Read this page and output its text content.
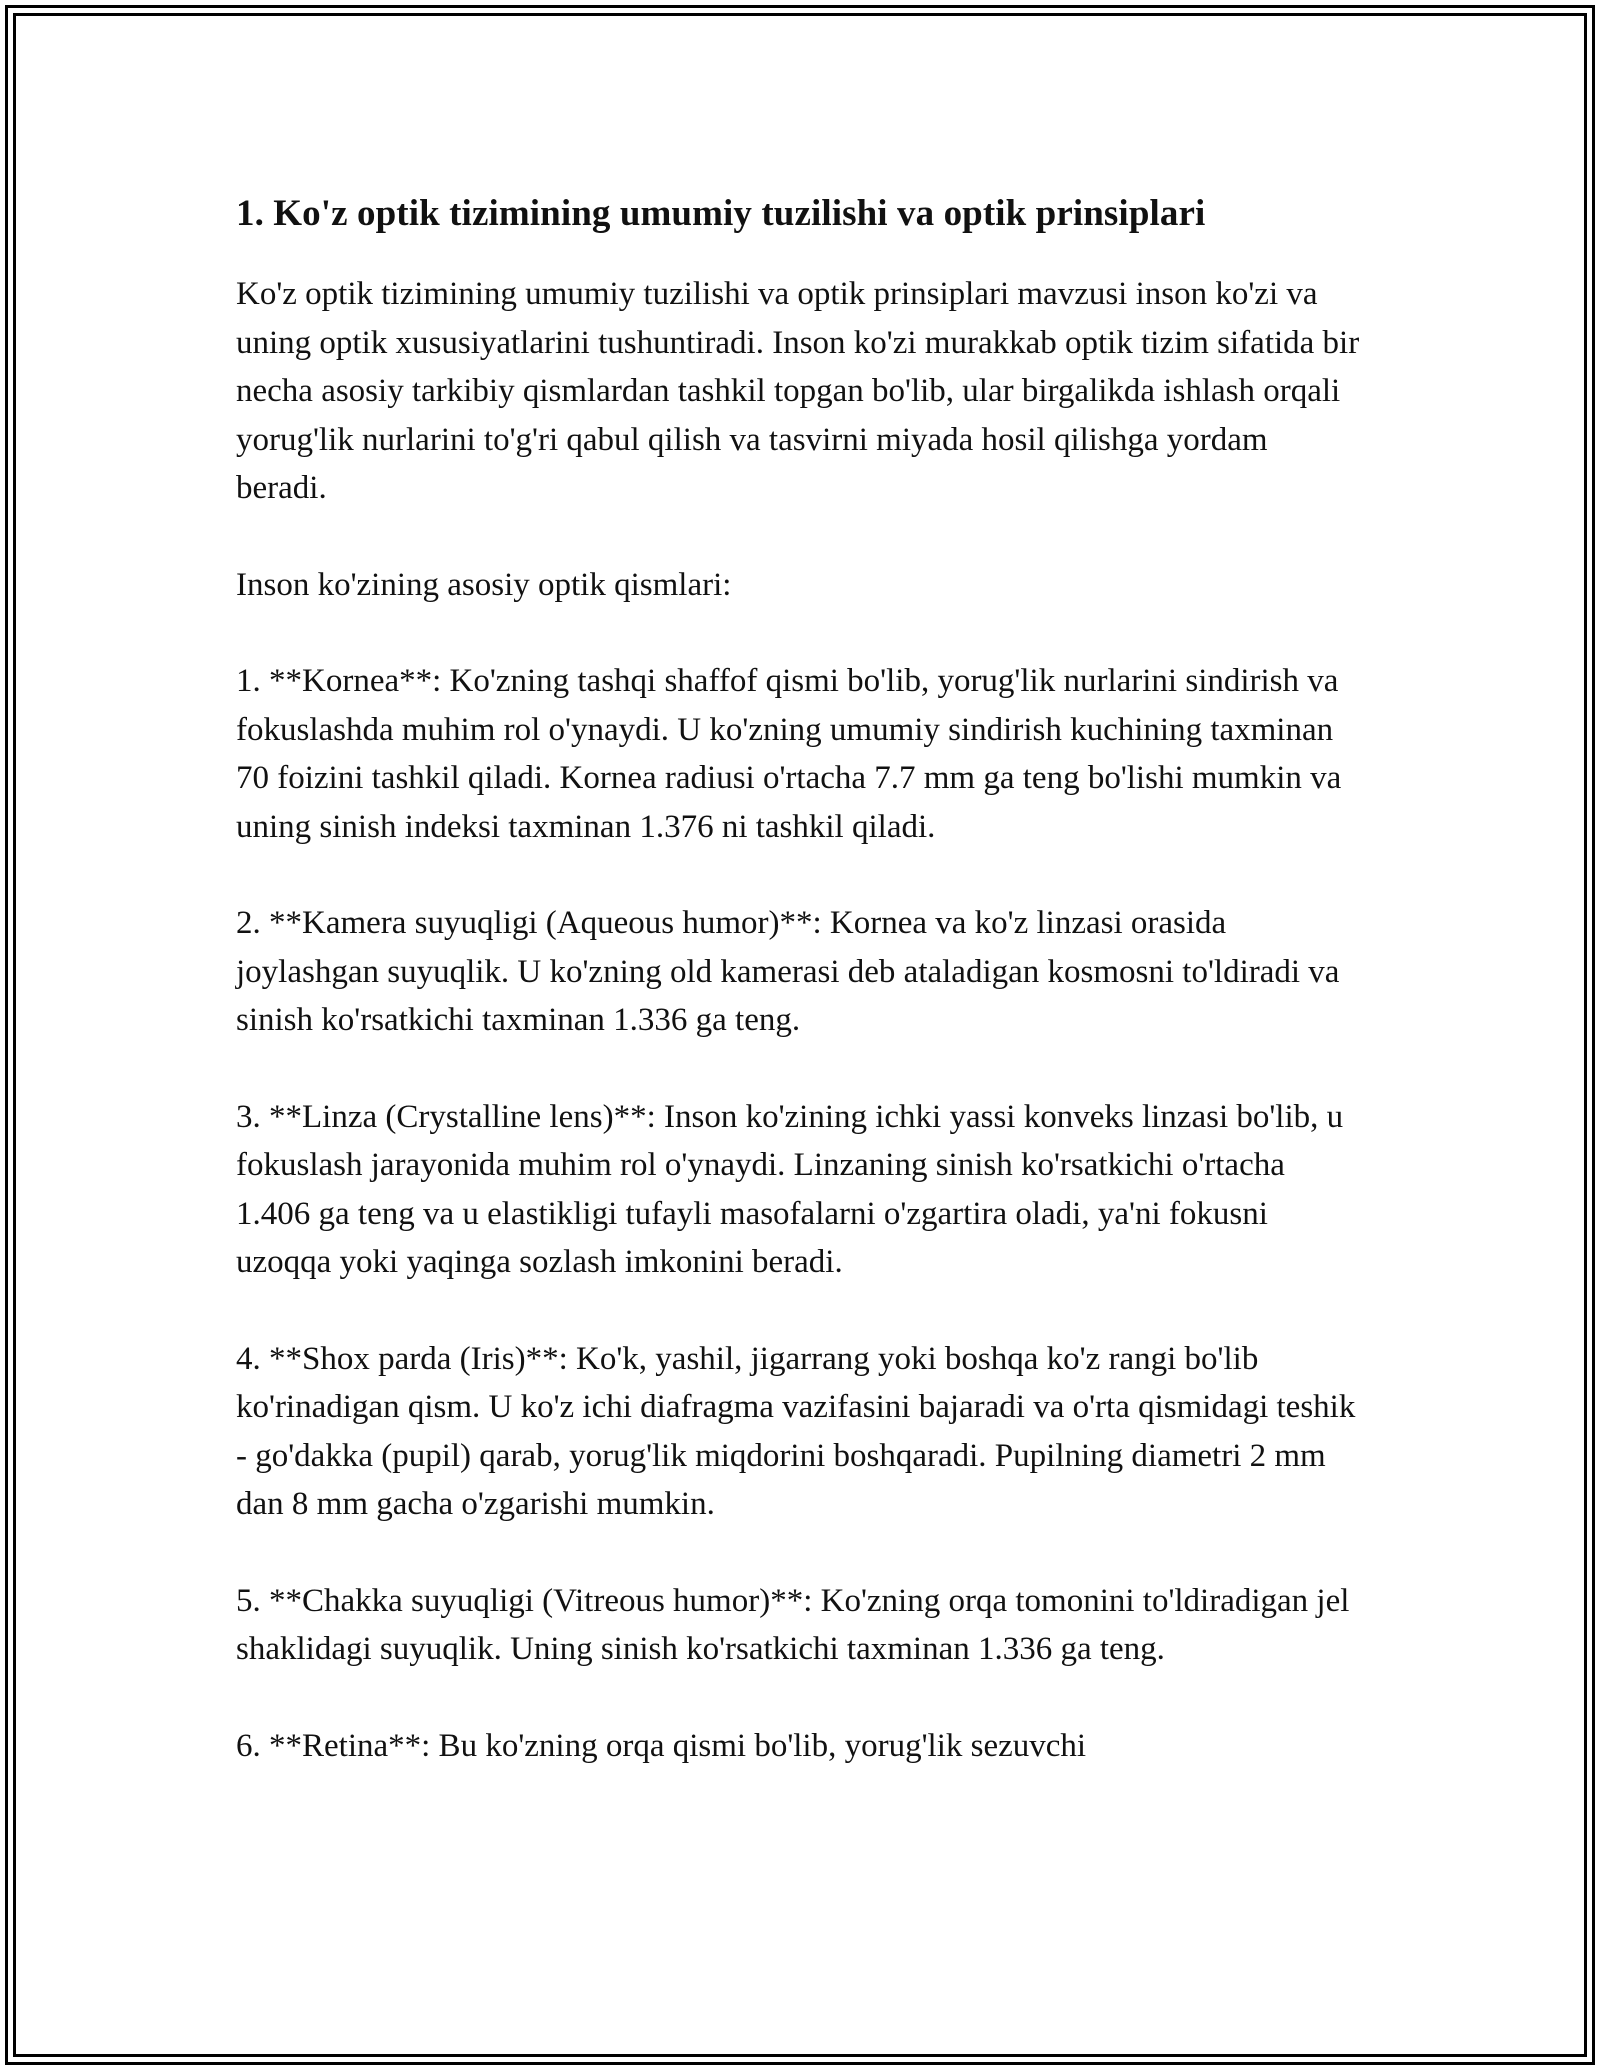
1. Ko'z optik tizimining umumiy tuzilishi va optik prinsiplari

Ko'z optik tizimining umumiy tuzilishi va optik prinsiplari mavzusi inson ko'zi va uning optik xususiyatlarini tushuntiradi. Inson ko'zi murakkab optik tizim sifatida bir necha asosiy tarkibiy qismlardan tashkil topgan bo'lib, ular birgalikda ishlash orqali yorug'lik nurlarini to'g'ri qabul qilish va tasvirni miyada hosil qilishga yordam beradi.

Inson ko'zining asosiy optik qismlari:

1. **Kornea**: Ko'zning tashqi shaffof qismi bo'lib, yorug'lik nurlarini sindirish va fokuslashda muhim rol o'ynaydi. U ko'zning umumiy sindirish kuchining taxminan 70 foizini tashkil qiladi. Kornea radiusi o'rtacha 7.7 mm ga teng bo'lishi mumkin va uning sinish indeksi taxminan 1.376 ni tashkil qiladi.

2. **Kamera suyuqligi (Aqueous humor)**: Kornea va ko'z linzasi orasida joylashgan suyuqlik. U ko'zning old kamerasi deb ataladigan kosmosni to'ldiradi va sinish ko'rsatkichi taxminan 1.336 ga teng.

3. **Linza (Crystalline lens)**: Inson ko'zining ichki yassi konveks linzasi bo'lib, u fokuslash jarayonida muhim rol o'ynaydi. Linzaning sinish ko'rsatkichi o'rtacha 1.406 ga teng va u elastikligi tufayli masofalarni o'zgartira oladi, ya'ni fokusni uzoqqa yoki yaqinga sozlash imkonini beradi.

4. **Shox parda (Iris)**: Ko'k, yashil, jigarrang yoki boshqa ko'z rangi bo'lib ko'rinadigan qism. U ko'z ichi diafragma vazifasini bajaradi va o'rta qismidagi teshik - go'dakka (pupil) qarab, yorug'lik miqdorini boshqaradi. Pupilning diametri 2 mm dan 8 mm gacha o'zgarishi mumkin.

5. **Chakka suyuqligi (Vitreous humor)**: Ko'zning orqa tomonini to'ldiradigan jel shaklidagi suyuqlik. Uning sinish ko'rsatkichi taxminan 1.336 ga teng.

6. **Retina**: Bu ko'zning orqa qismi bo'lib, yorug'lik sezuvchi
